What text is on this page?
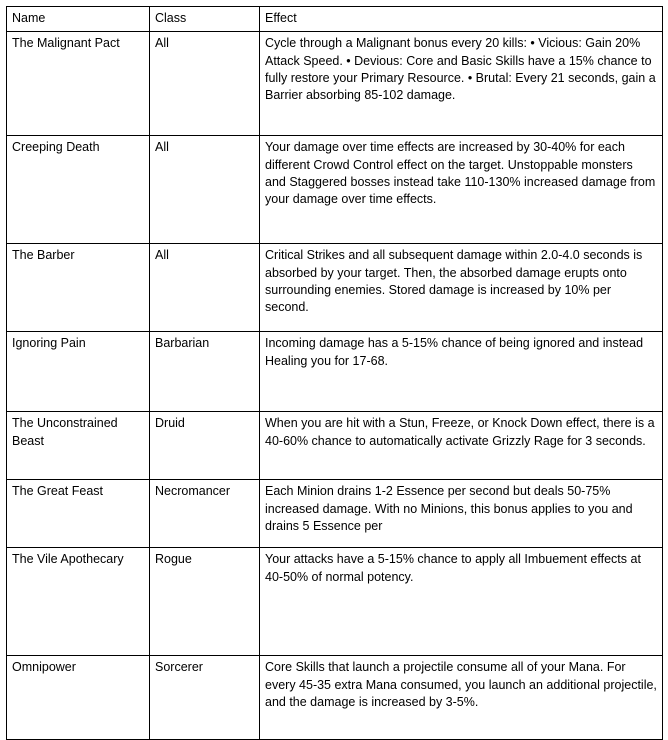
Name	Class	Effect
The Malignant Pact	All	Cycle through a Malignant bonus every 20 kills: • Vicious: Gain 20% Attack Speed. • Devious: Core and Basic Skills have a 15% chance to fully restore your Primary Resource. • Brutal: Every 21 seconds, gain a Barrier absorbing 85-102 damage.
Creeping Death	All	Your damage over time effects are increased by 30-40% for each different Crowd Control effect on the target. Unstoppable monsters and Staggered bosses instead take 110-130% increased damage from your damage over time effects.
The Barber	All	Critical Strikes and all subsequent damage within 2.0-4.0 seconds is absorbed by your target. Then, the absorbed damage erupts onto surrounding enemies. Stored damage is increased by 10% per second.
Ignoring Pain	Barbarian	Incoming damage has a 5-15% chance of being ignored and instead Healing you for 17-68.
The Unconstrained Beast	Druid	When you are hit with a Stun, Freeze, or Knock Down effect, there is a 40-60% chance to automatically activate Grizzly Rage for 3 seconds.
The Great Feast	Necromancer	Each Minion drains 1-2 Essence per second but deals 50-75% increased damage. With no Minions, this bonus applies to you and drains 5 Essence per
The Vile Apothecary	Rogue	Your attacks have a 5-15% chance to apply all Imbuement effects at 40-50% of normal potency.
Omnipower	Sorcerer	Core Skills that launch a projectile consume all of your Mana. For every 45-35 extra Mana consumed, you launch an additional projectile, and the damage is increased by 3-5%.
